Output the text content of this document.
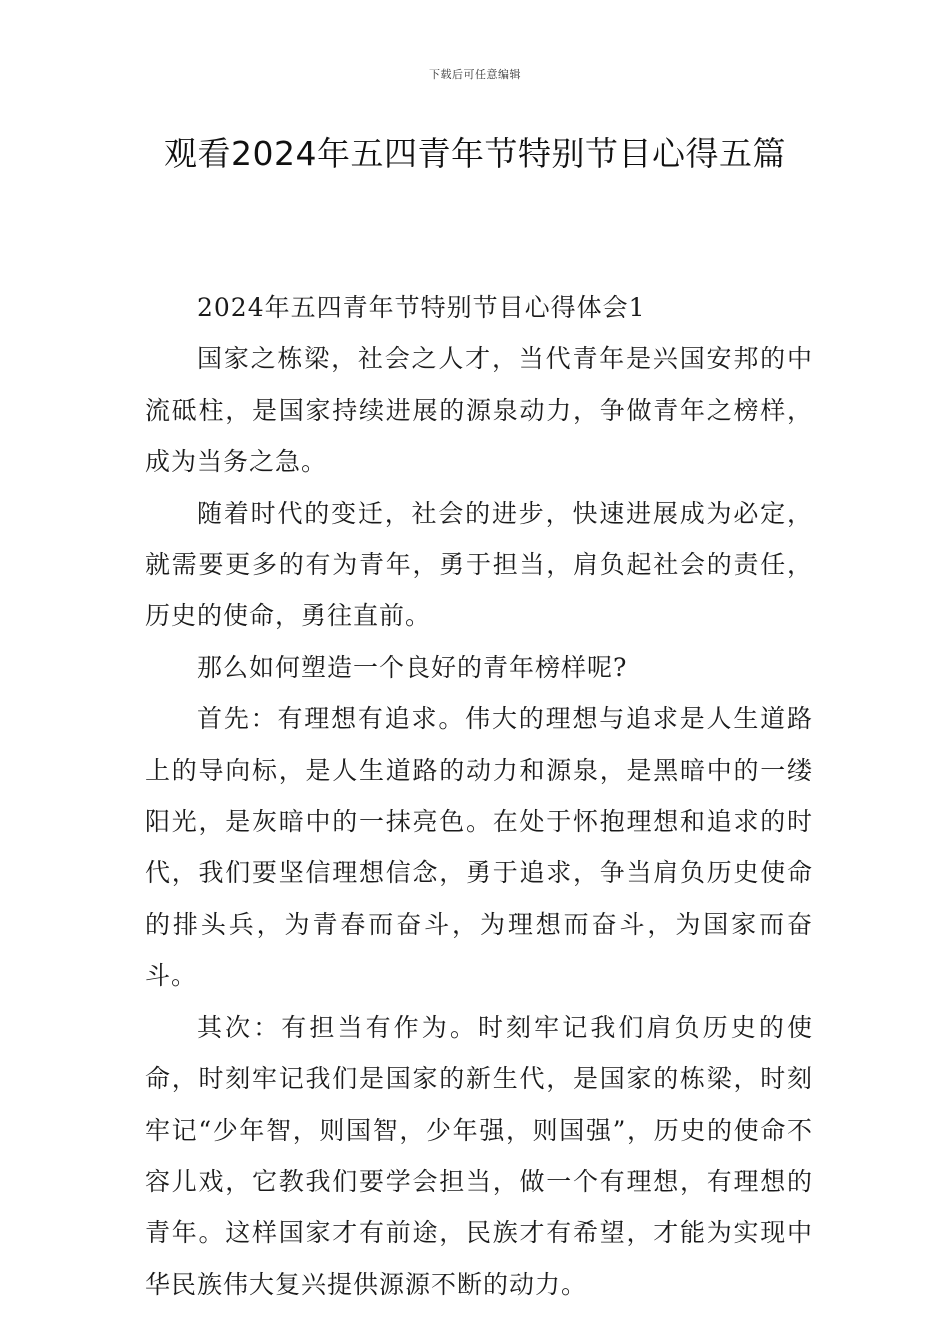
下载后可任意编辑
观看2024年五四青年节特别节目心得五篇

2024年五四青年节特别节目心得体会1

国家之栋梁，社会之人才，当代青年是兴国安邦的中流砥柱，是国家持续进展的源泉动力，争做青年之榜样，成为当务之急。

随着时代的变迁，社会的进步，快速进展成为必定，就需要更多的有为青年，勇于担当，肩负起社会的责任，历史的使命，勇往直前。

那么如何塑造一个良好的青年榜样呢?

首先：有理想有追求。伟大的理想与追求是人生道路上的导向标，是人生道路的动力和源泉，是黑暗中的一缕阳光，是灰暗中的一抹亮色。在处于怀抱理想和追求的时代，我们要坚信理想信念，勇于追求，争当肩负历史使命的排头兵，为青春而奋斗，为理想而奋斗，为国家而奋斗。

其次：有担当有作为。时刻牢记我们肩负历史的使命，时刻牢记我们是国家的新生代，是国家的栋梁，时刻牢记“少年智，则国智，少年强，则国强”，历史的使命不容儿戏，它教我们要学会担当，做一个有理想，有理想的青年。这样国家才有前途，民族才有希望，才能为实现中华民族伟大复兴提供源源不断的动力。
